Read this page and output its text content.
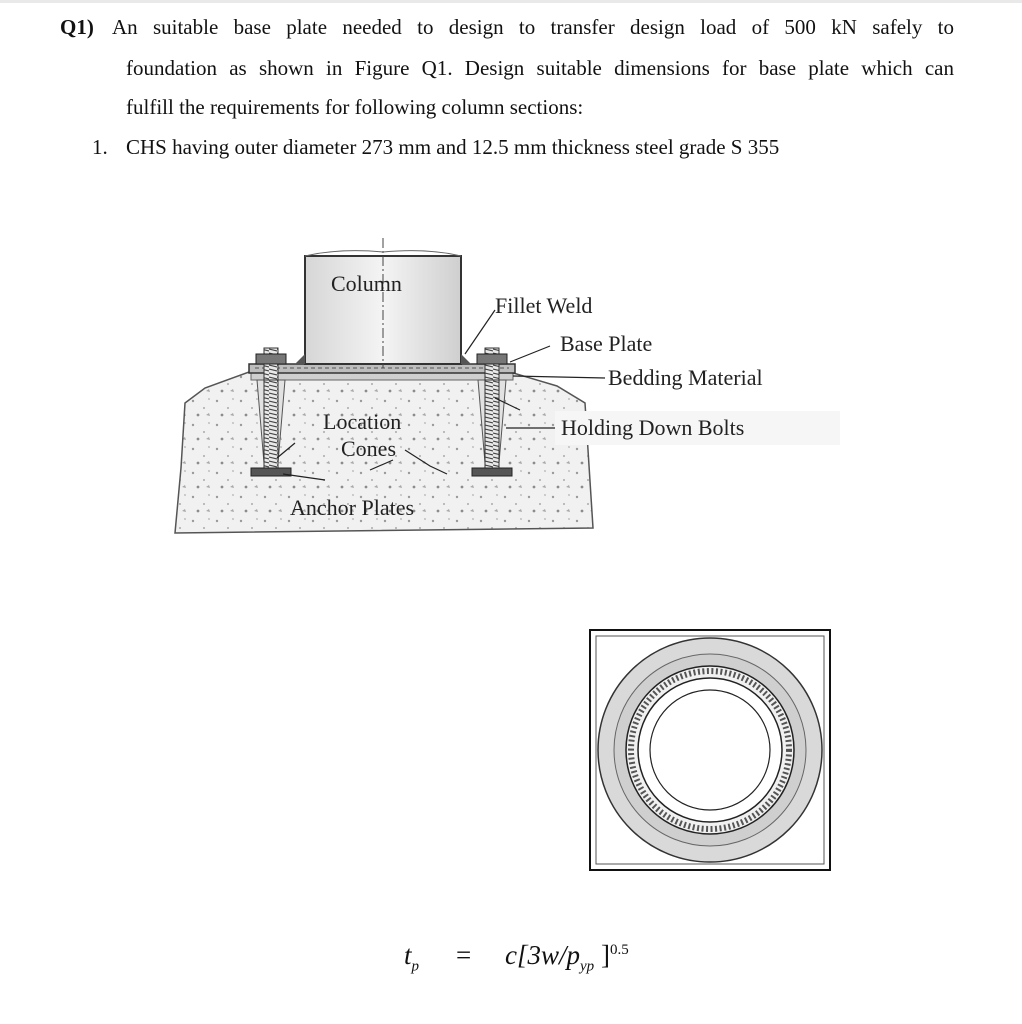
Q1) An suitable base plate needed to design to transfer design load of 500 kN safely to
foundation as shown in Figure Q1. Design suitable dimensions for base plate which can
fulfill the requirements for following column sections:
1. CHS having outer diameter 273 mm and 12.5 mm thickness steel grade S 355
Column
Fillet Weld
Base Plate
Bedding Material
Location
Cones
Holding Down Bolts
Anchor Plates
$t_p = c[3w/p_{yp}$ ]$^{0.5}$
